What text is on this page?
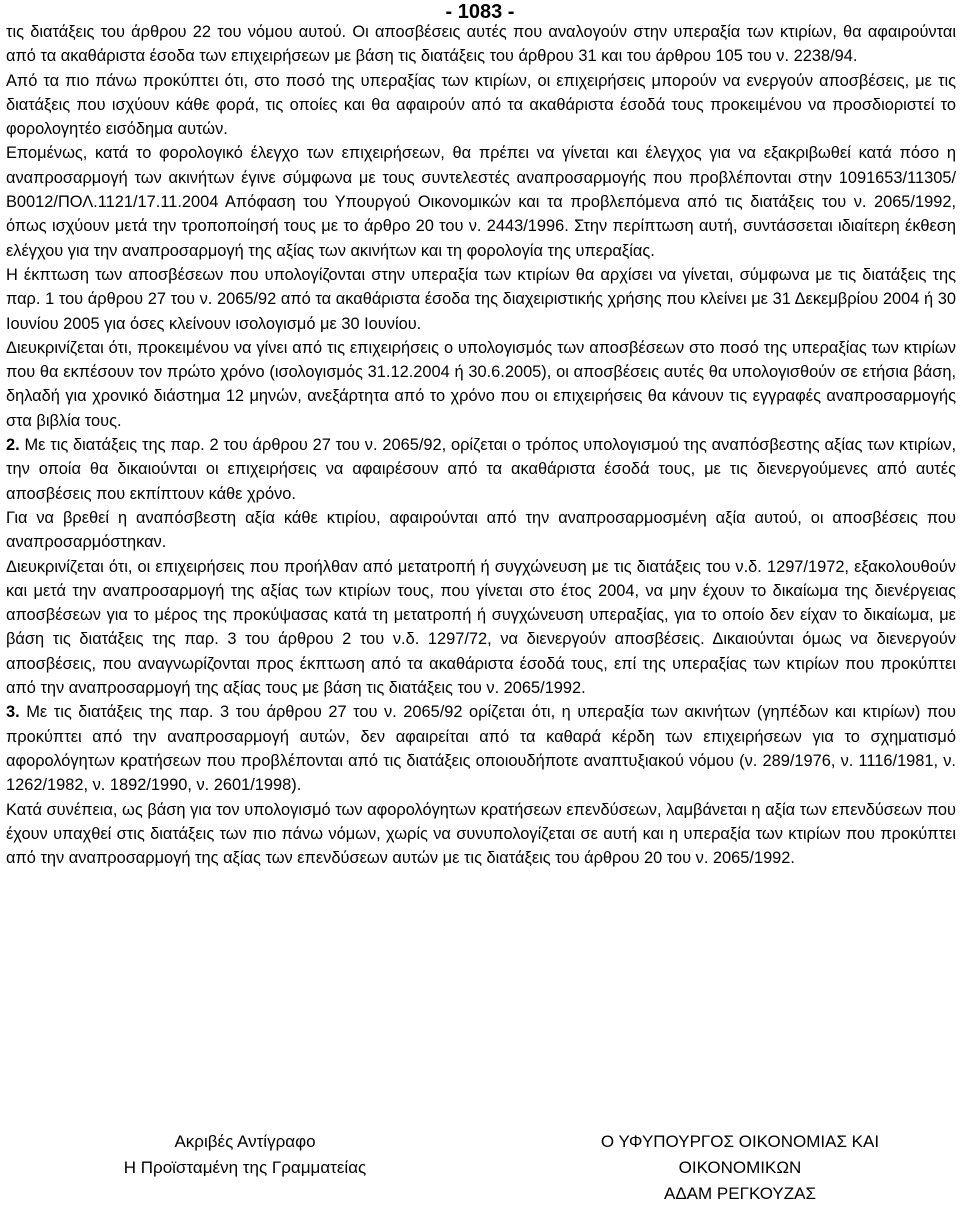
- 1083 -

τις διατάξεις του άρθρου 22 του νόμου αυτού. Οι αποσβέσεις αυτές που αναλογούν στην υπεραξία των κτιρίων, θα αφαιρούνται από τα ακαθάριστα έσοδα των επιχειρήσεων με βάση τις διατάξεις του άρθρου 31 και του άρθρου 105 του ν. 2238/94.

Από τα πιο πάνω προκύπτει ότι, στο ποσό της υπεραξίας των κτιρίων, οι επιχειρήσεις μπορούν να ενεργούν αποσβέσεις, με τις διατάξεις που ισχύουν κάθε φορά, τις οποίες και θα αφαιρούν από τα ακαθάριστα έσοδά τους προκειμένου να προσδιοριστεί το φορολογητέο εισόδημα αυτών.

Επομένως, κατά το φορολογικό έλεγχο των επιχειρήσεων, θα πρέπει να γίνεται και έλεγχος για να εξακριβωθεί κατά πόσο η αναπροσαρμογή των ακινήτων έγινε σύμφωνα με τους συντελεστές αναπροσαρμογής που προβλέπονται στην 1091653/11305/Β0012/ΠΟΛ.1121/17.11.2004 Απόφαση του Υπουργού Οικονομικών και τα προβλεπόμενα από τις διατάξεις του ν. 2065/1992, όπως ισχύουν μετά την τροποποίησή τους με το άρθρο 20 του ν. 2443/1996. Στην περίπτωση αυτή, συντάσσεται ιδιαίτερη έκθεση ελέγχου για την αναπροσαρμογή της αξίας των ακινήτων και τη φορολογία της υπεραξίας.

Η έκπτωση των αποσβέσεων που υπολογίζονται στην υπεραξία των κτιρίων θα αρχίσει να γίνεται, σύμφωνα με τις διατάξεις της παρ. 1 του άρθρου 27 του ν. 2065/92 από τα ακαθάριστα έσοδα της διαχειριστικής χρήσης που κλείνει με 31 Δεκεμβρίου 2004 ή 30 Ιουνίου 2005 για όσες κλείνουν ισολογισμό με 30 Ιουνίου.

Διευκρινίζεται ότι, προκειμένου να γίνει από τις επιχειρήσεις ο υπολογισμός των αποσβέσεων στο ποσό της υπεραξίας των κτιρίων που θα εκπέσουν τον πρώτο χρόνο (ισολογισμός 31.12.2004 ή 30.6.2005), οι αποσβέσεις αυτές θα υπολογισθούν σε ετήσια βάση, δηλαδή για χρονικό διάστημα 12 μηνών, ανεξάρτητα από το χρόνο που οι επιχειρήσεις θα κάνουν τις εγγραφές αναπροσαρμογής στα βιβλία τους.

2. Με τις διατάξεις της παρ. 2 του άρθρου 27 του ν. 2065/92, ορίζεται ο τρόπος υπολογισμού της αναπόσβεστης αξίας των κτιρίων, την οποία θα δικαιούνται οι επιχειρήσεις να αφαιρέσουν από τα ακαθάριστα έσοδά τους, με τις διενεργούμενες από αυτές αποσβέσεις που εκπίπτουν κάθε χρόνο.

Για να βρεθεί η αναπόσβεστη αξία κάθε κτιρίου, αφαιρούνται από την αναπροσαρμοσμένη αξία αυτού, οι αποσβέσεις που αναπροσαρμόστηκαν.

Διευκρινίζεται ότι, οι επιχειρήσεις που προήλθαν από μετατροπή ή συγχώνευση με τις διατάξεις του ν.δ. 1297/1972, εξακολουθούν και μετά την αναπροσαρμογή της αξίας των κτιρίων τους, που γίνεται στο έτος 2004, να μην έχουν το δικαίωμα της διενέργειας αποσβέσεων για το μέρος της προκύψασας κατά τη μετατροπή ή συγχώνευση υπεραξίας, για το οποίο δεν είχαν το δικαίωμα, με βάση τις διατάξεις της παρ. 3 του άρθρου 2 του ν.δ. 1297/72, να διενεργούν αποσβέσεις. Δικαιούνται όμως να διενεργούν αποσβέσεις, που αναγνωρίζονται προς έκπτωση από τα ακαθάριστα έσοδά τους, επί της υπεραξίας των κτιρίων που προκύπτει από την αναπροσαρμογή της αξίας τους με βάση τις διατάξεις του ν. 2065/1992.

3. Με τις διατάξεις της παρ. 3 του άρθρου 27 του ν. 2065/92 ορίζεται ότι, η υπεραξία των ακινήτων (γηπέδων και κτιρίων) που προκύπτει από την αναπροσαρμογή αυτών, δεν αφαιρείται από τα καθαρά κέρδη των επιχειρήσεων για το σχηματισμό αφορολόγητων κρατήσεων που προβλέπονται από τις διατάξεις οποιουδήποτε αναπτυξιακού νόμου (ν. 289/1976, ν. 1116/1981, ν. 1262/1982, ν. 1892/1990, ν. 2601/1998).

Κατά συνέπεια, ως βάση για τον υπολογισμό των αφορολόγητων κρατήσεων επενδύσεων, λαμβάνεται η αξία των επενδύσεων που έχουν υπαχθεί στις διατάξεις των πιο πάνω νόμων, χωρίς να συνυπολογίζεται σε αυτή και η υπεραξία των κτιρίων που προκύπτει από την αναπροσαρμογή της αξίας των επενδύσεων αυτών με τις διατάξεις του άρθρου 20 του ν. 2065/1992.

Ακριβές Αντίγραφο
Η Προϊσταμένη της Γραμματείας
Ο ΥΦΥΠΟΥΡΓΟΣ ΟΙΚΟΝΟΜΙΑΣ ΚΑΙ
ΟΙΚΟΝΟΜΙΚΩΝ
ΑΔΑΜ ΡΕΓΚΟΥΖΑΣ
